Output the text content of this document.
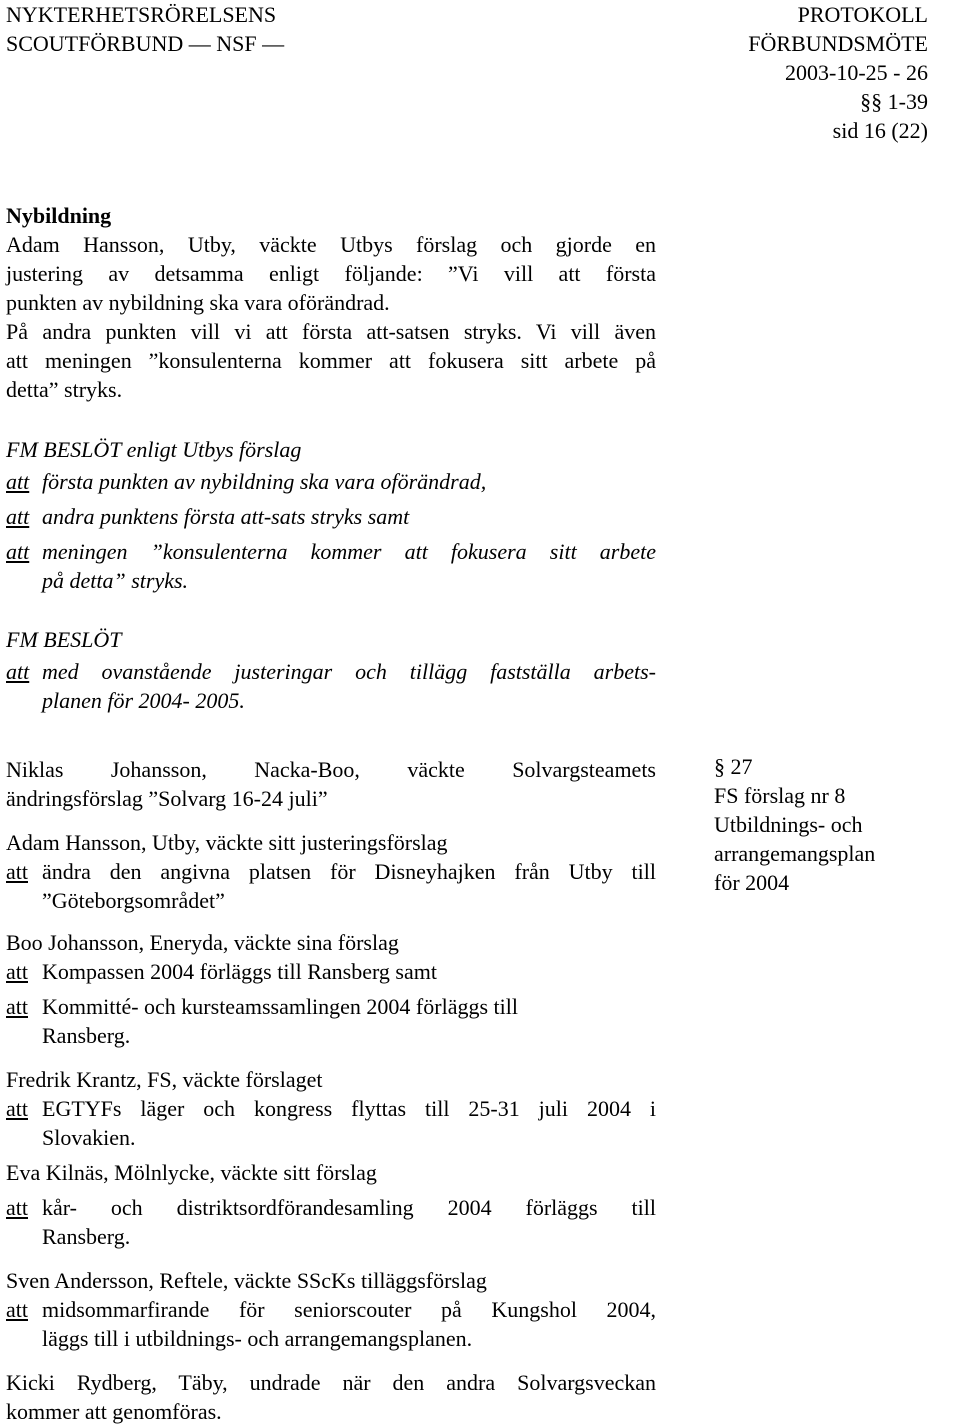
NYKTERHETSRÖRELSENS
SCOUTFÖRBUND — NSF —
PROTOKOLL
FÖRBUNDSMÖTE
2003-10-25 - 26
§§ 1-39
sid 16 (22)
Nybildning
Adam Hansson, Utby, väckte Utbys förslag och gjorde en
justering av detsamma enligt följande: ”Vi vill att första
punkten av nybildning ska vara oförändrad.
På andra punkten vill vi att första att-satsen stryks. Vi vill även
att meningen ”konsulenterna kommer att fokusera sitt arbete på
detta” stryks.
FM BESLÖT enligt Utbys förslag
att första punkten av nybildning ska vara oförändrad,
att andra punktens första att-sats stryks samt
att meningen ”konsulenterna kommer att fokusera sitt arbete
på detta” stryks.
FM BESLÖT
att med ovanstående justeringar och tillägg fastställa arbets-
planen för 2004- 2005.
§ 27
FS förslag nr 8
Utbildnings- och
arrangemangsplan
för 2004
Niklas Johansson, Nacka-Boo, väckte Solvargsteamets
ändringsförslag ”Solvarg 16-24 juli”
Adam Hansson, Utby, väckte sitt justeringsförslag
att ändra den angivna platsen för Disneyhajken från Utby till
”Göteborgsområdet”
Boo Johansson, Eneryda, väckte sina förslag
att Kompassen 2004 förläggs till Ransberg samt
att Kommitté- och kursteamssamlingen 2004 förläggs till
Ransberg.
Fredrik Krantz, FS, väckte förslaget
att EGTYFs läger och kongress flyttas till 25-31 juli 2004 i
Slovakien.
Eva Kilnäs, Mölnlycke, väckte sitt förslag
att kår- och distriktsordförandesamling 2004 förläggs till
Ransberg.
Sven Andersson, Reftele, väckte SScKs tilläggsförslag
att midsommarfirande för seniorscouter på Kungshol 2004,
läggs till i utbildnings- och arrangemangsplanen.
Kicki Rydberg, Täby, undrade när den andra Solvargsveckan
kommer att genomföras.
